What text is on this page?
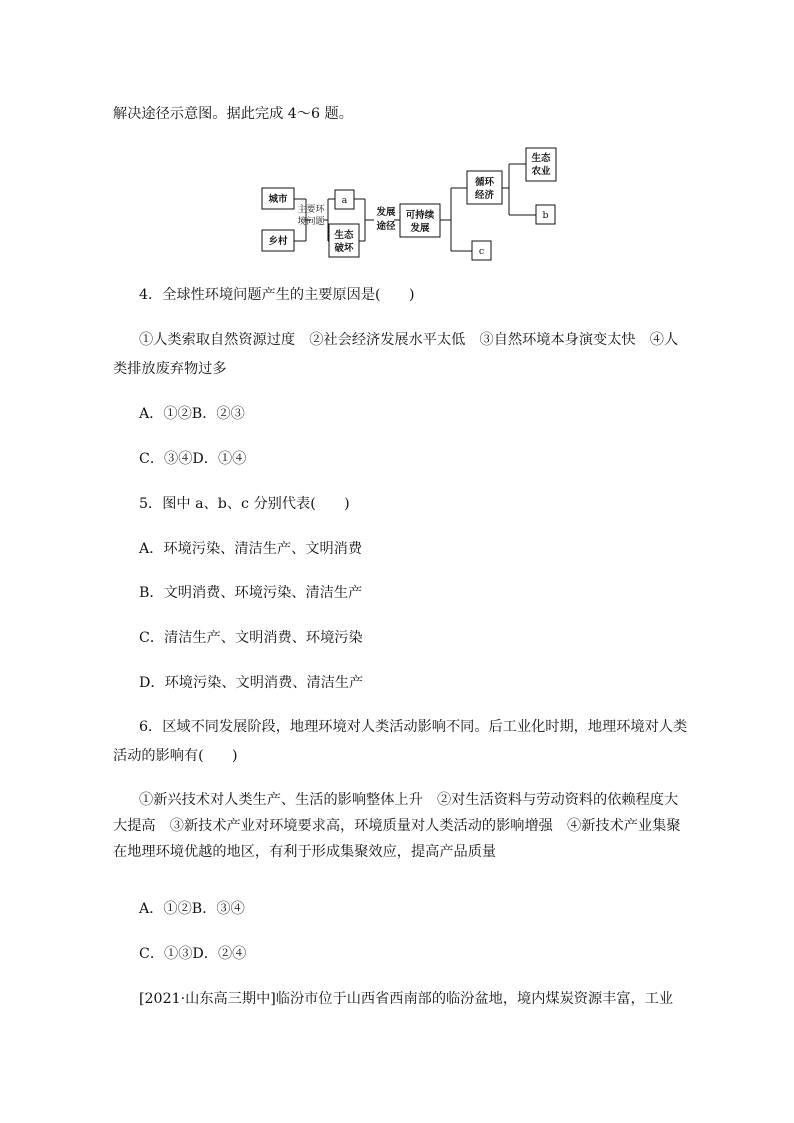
解决途径示意图。据此完成 4～6 题。
城市
乡村
主要环
境问题
a
生态
破坏
发展
途径
可持续
发展
循环
经济
生态
农业
b
c
4．全球性环境问题产生的主要原因是(　　)
①人类索取自然资源过度　②社会经济发展水平太低　③自然环境本身演变太快　④人
类排放废弃物过多
A．①②B．②③
C．③④D．①④
5．图中 a、b、c 分别代表(　　)
A．环境污染、清洁生产、文明消费
B．文明消费、环境污染、清洁生产
C．清洁生产、文明消费、环境污染
D．环境污染、文明消费、清洁生产
6．区域不同发展阶段，地理环境对人类活动影响不同。后工业化时期，地理环境对人类
活动的影响有(　　)
①新兴技术对人类生产、生活的影响整体上升　②对生活资料与劳动资料的依赖程度大大提高　③新技术产业对环境要求高，环境质量对人类活动的影响增强　④新技术产业集聚在地理环境优越的地区，有利于形成集聚效应，提高产品质量
A．①②B．③④
C．①③D．②④
[2021·山东高三期中]临汾市位于山西省西南部的临汾盆地，境内煤炭资源丰富，工业
